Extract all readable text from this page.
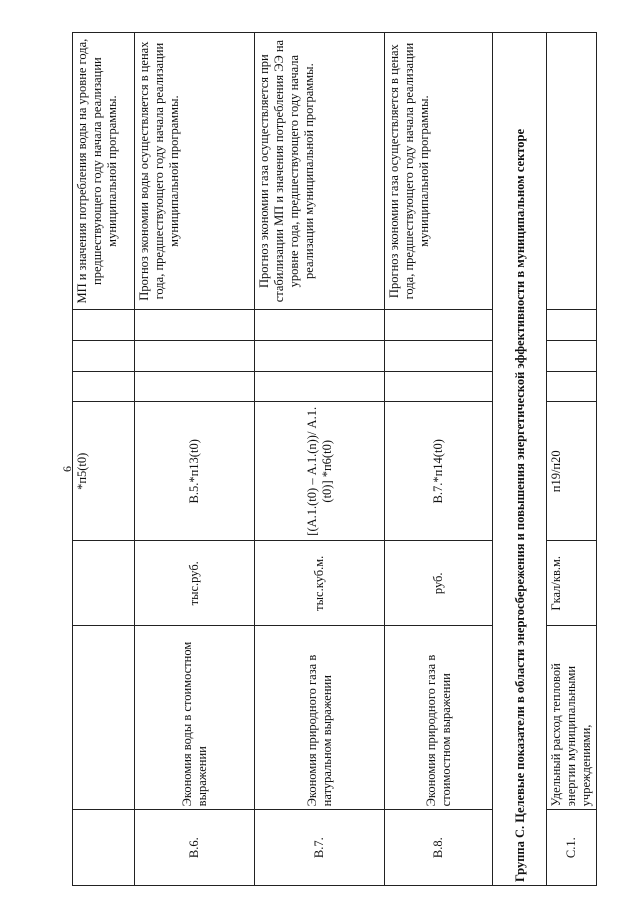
6
			*п5(t0)				МП и значения потребления воды на уровне года, предшествующего году начала реализации муниципальной программы.
В.6.	Экономия воды в стоимостном выражении	тыс.руб.	В.5.*п13(t0)				Прогноз экономии воды осуществляется в ценах года, предшествующего году начала реализации муниципальной программы.
В.7.	Экономия природного газа в натуральном выражении	тыс.куб.м.	[(А.1.(t0) – А.1.(n))/ А.1.(t0)] *п6(t0)				Прогноз экономии газа осуществляется при стабилизации МП и значения потребления ЭЭ на уровне года, предшествующего году начала реализации муниципальной программы.
В.8.	Экономия природного газа в стоимостном выражении	руб.	В.7.*п14(t0)				Прогноз экономии газа осуществляется в ценах года, предшествующего году начала реализации муниципальной программы.
Группа С. Целевые показатели в области энергосбережения и повышения энергетической эффективности в муниципальном секторе							
С.1.	Удельный расход тепловой энергии муниципальными учреждениями,	Гкал/кв.м.	п19/п20				
